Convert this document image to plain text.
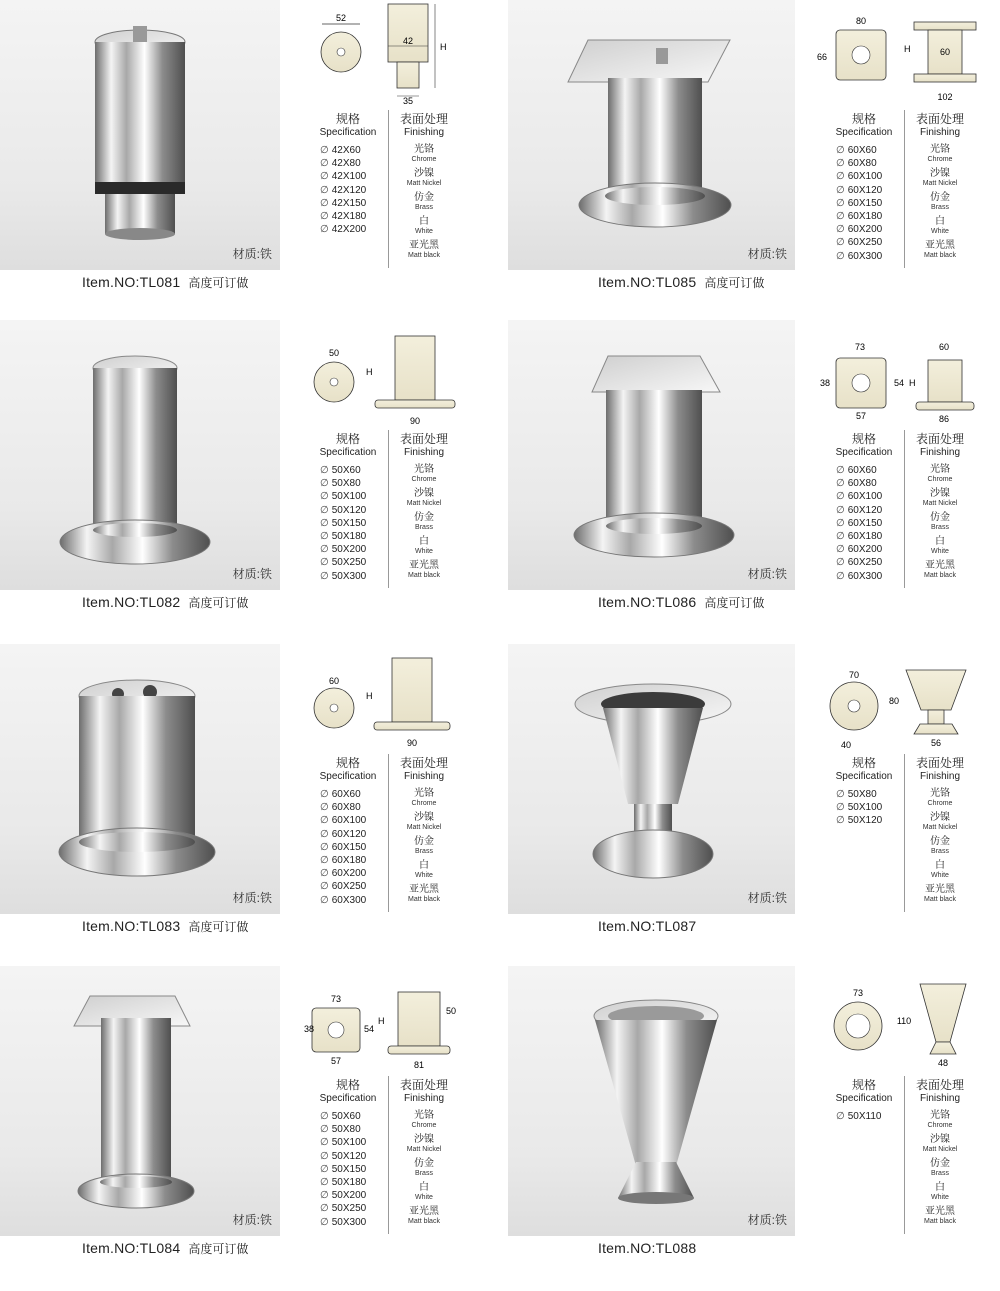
材质:铁
52
42
35
H
规格
Specification
∅ 42X60
∅ 42X80
∅ 42X100
∅ 42X120
∅ 42X150
∅ 42X180
∅ 42X200
表面处理
Finishing
光铬
Chrome
沙镍
Matt Nickel
仿金
Brass
白
White
亚光黑
Matt black
Item.NO:TL081 高度可订做
材质:铁
80
66
H	60
102
规格
Specification
∅ 60X60
∅ 60X80
∅ 60X100
∅ 60X120
∅ 60X150
∅ 60X180
∅ 60X200
∅ 60X250
∅ 60X300
表面处理
Finishing
光铬
Chrome
沙镍
Matt Nickel
仿金
Brass
白
White
亚光黑
Matt black
Item.NO:TL085 高度可订做
材质:铁
50
H
90
规格
Specification
∅ 50X60
∅ 50X80
∅ 50X100
∅ 50X120
∅ 50X150
∅ 50X180
∅ 50X200
∅ 50X250
∅ 50X300
表面处理
Finishing
光铬
Chrome
沙镍
Matt Nickel
仿金
Brass
白
White
亚光黑
Matt black
Item.NO:TL082 高度可订做
材质:铁
73
38	54
57
H
60
86
规格
Specification
∅ 60X60
∅ 60X80
∅ 60X100
∅ 60X120
∅ 60X150
∅ 60X180
∅ 60X200
∅ 60X250
∅ 60X300
表面处理
Finishing
光铬
Chrome
沙镍
Matt Nickel
仿金
Brass
白
White
亚光黑
Matt black
Item.NO:TL086 高度可订做
材质:铁
60
H
90
规格
Specification
∅ 60X60
∅ 60X80
∅ 60X100
∅ 60X120
∅ 60X150
∅ 60X180
∅ 60X200
∅ 60X250
∅ 60X300
表面处理
Finishing
光铬
Chrome
沙镍
Matt Nickel
仿金
Brass
白
White
亚光黑
Matt black
Item.NO:TL083 高度可订做
材质:铁
70
40
80
56
规格
Specification
∅ 50X80
∅ 50X100
∅ 50X120
表面处理
Finishing
光铬
Chrome
沙镍
Matt Nickel
仿金
Brass
白
White
亚光黑
Matt black
Item.NO:TL087
材质:铁
73
38	54
57
H
50
81
规格
Specification
∅ 50X60
∅ 50X80
∅ 50X100
∅ 50X120
∅ 50X150
∅ 50X180
∅ 50X200
∅ 50X250
∅ 50X300
表面处理
Finishing
光铬
Chrome
沙镍
Matt Nickel
仿金
Brass
白
White
亚光黑
Matt black
Item.NO:TL084 高度可订做
材质:铁
73
110
48
规格
Specification
∅ 50X110
表面处理
Finishing
光铬
Chrome
沙镍
Matt Nickel
仿金
Brass
白
White
亚光黑
Matt black
Item.NO:TL088
